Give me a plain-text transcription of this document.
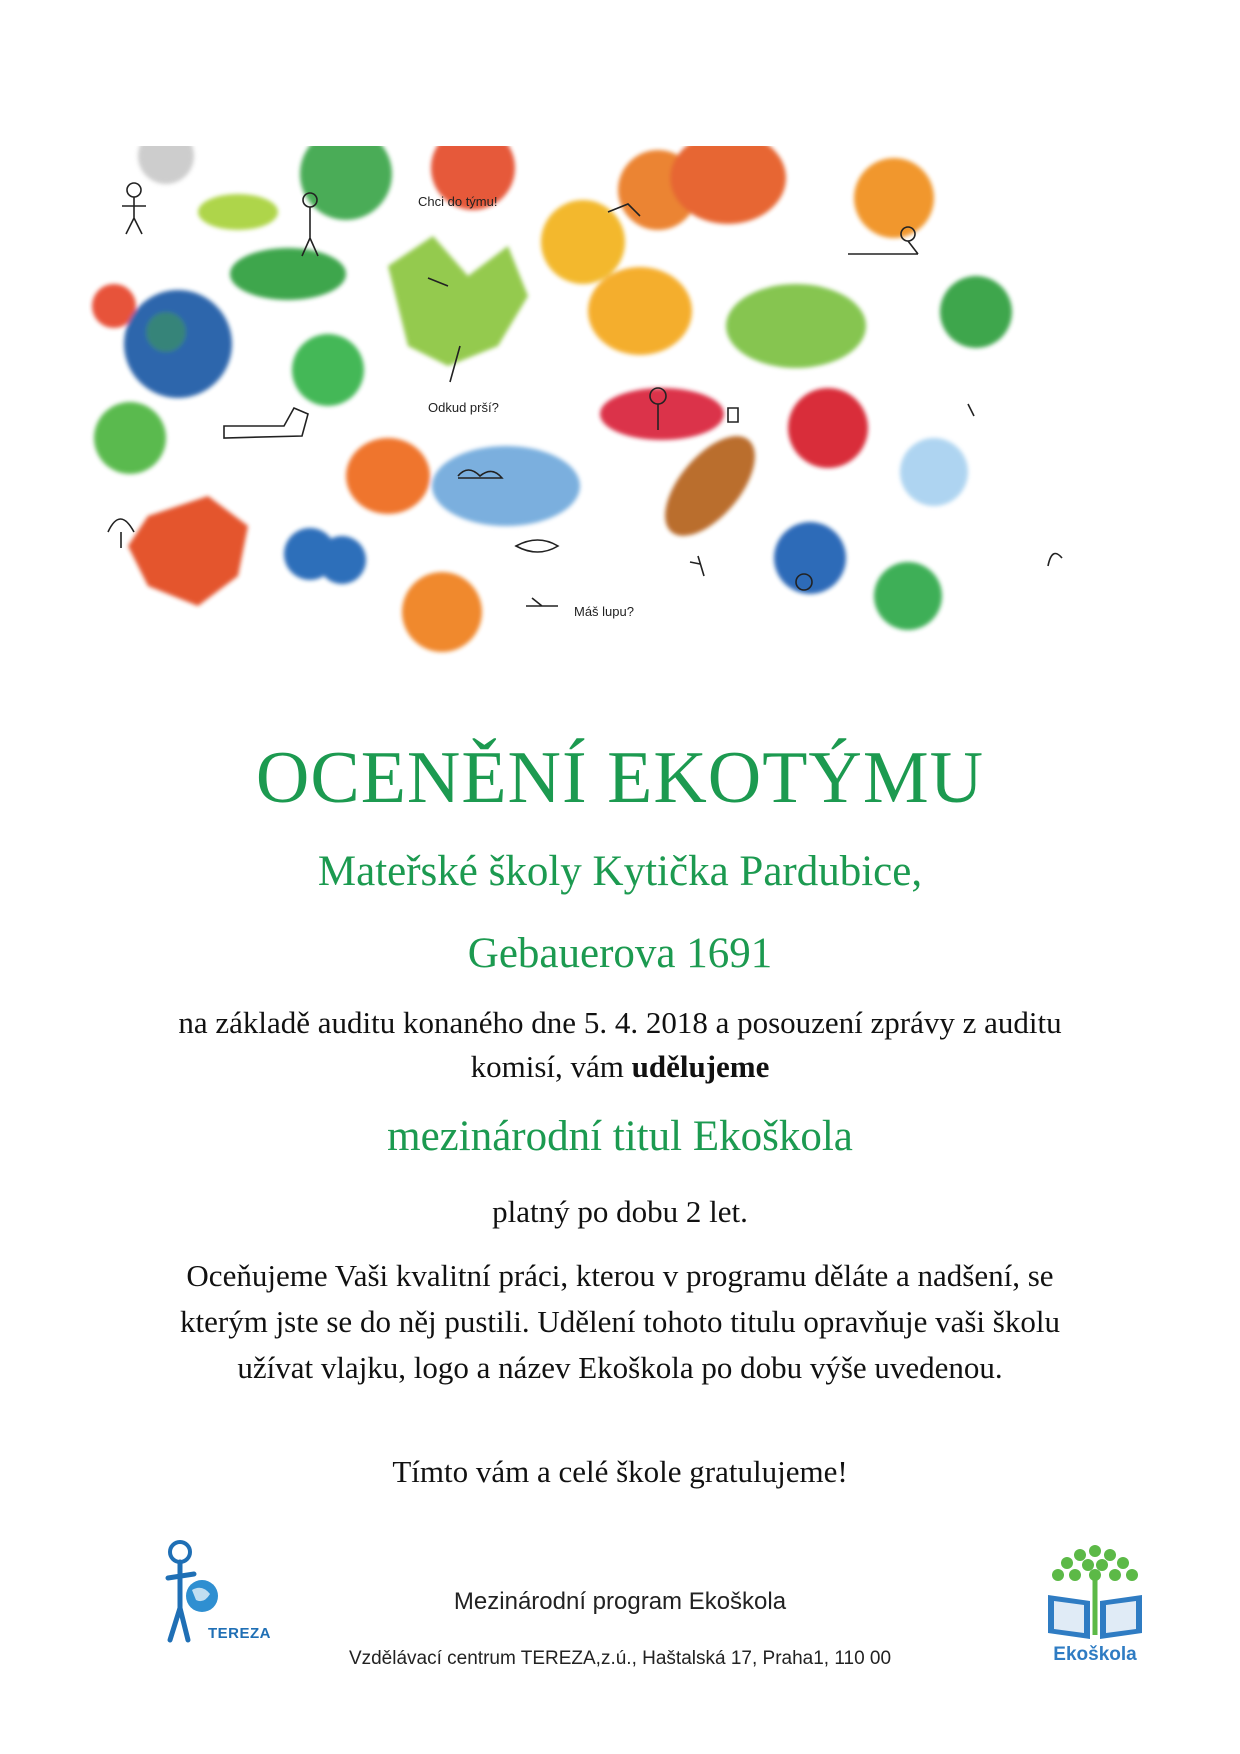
Chci do týmu!
Odkud prší?
Máš lupu?
OCENĚNÍ EKOTÝMU
Mateřské školy Kytička Pardubice,
Gebauerova 1691
na základě auditu konaného dne 5. 4. 2018 a posouzení zprávy z auditu
komisí, vám udělujeme
mezinárodní titul Ekoškola
platný po dobu 2 let.
Oceňujeme Vaši kvalitní práci, kterou v programu děláte a nadšení, se
kterým jste se do něj pustili. Udělení tohoto titulu opravňuje vaši školu
užívat vlajku, logo a název Ekoškola po dobu výše uvedenou.
Tímto vám a celé škole gratulujeme!
TEREZA
Mezinárodní program Ekoškola
Vzdělávací centrum TEREZA,z.ú., Haštalská 17, Praha1, 110 00	Ekoškola
